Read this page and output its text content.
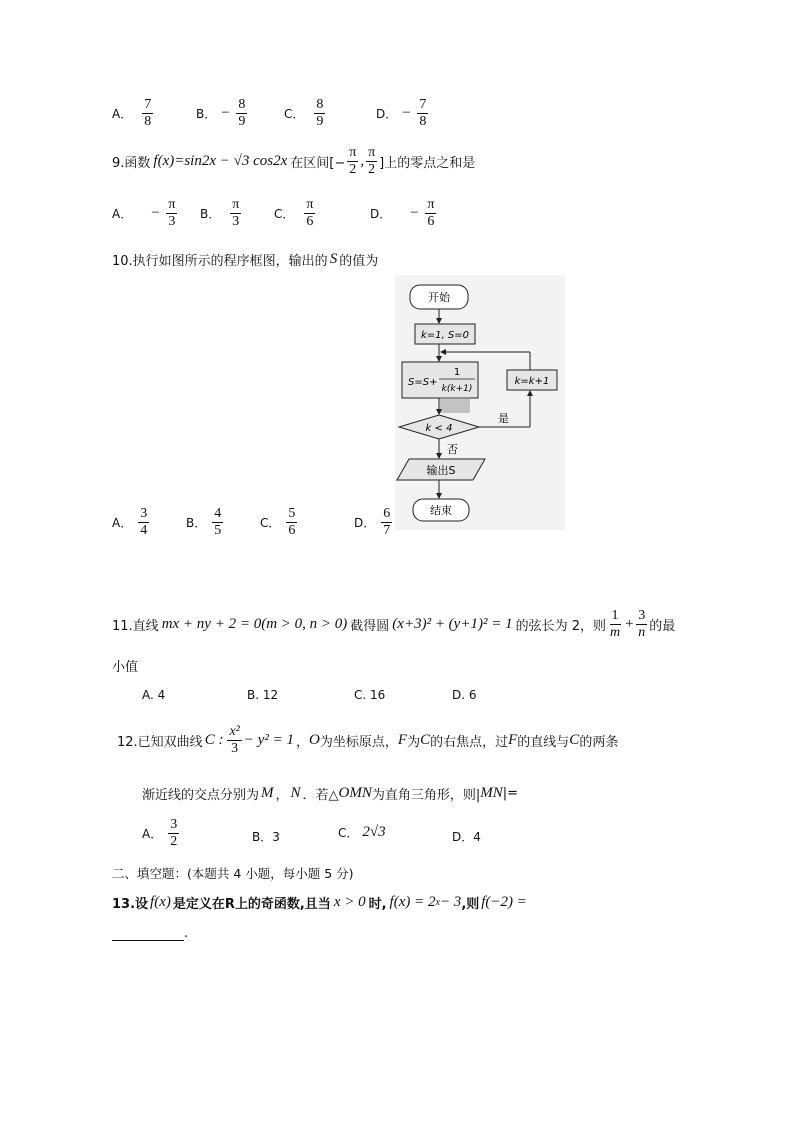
A． $\frac{7}{8}$	B． − $\frac{8}{9}$	C． $\frac{8}{9}$	D． − $\frac{7}{8}$
9.函数 f(x)=sin2x − √3 cos2x 在区间[− $\frac{\pi}{2}$ , $\frac{\pi}{2}$ ]上的零点之和是
A． − $\frac{\pi}{3}$ B． $\frac{\pi}{3}$	C． $\frac{\pi}{6}$	D． − $\frac{\pi}{6}$
10.执行如图所示的程序框图，输出的 S 的值为
开始
k=1, S=0
S=S+
1
k(k+1)
k < 4
是
k=k+1
否
输出S
结束
A． $\frac{3}{4}$	B． $\frac{4}{5}$	C． $\frac{5}{6}$	D． $\frac{6}{7}$
11.直线 mx + ny + 2 = 0(m > 0, n > 0) 截得圆 (x+3)² + (y+1)² = 1 的弦长为 2，则 $\frac{1}{m} + \frac{3}{n}$ 的最
小值
A. 4	B. 12	C. 16	D. 6
12.已知双曲线 C : $\frac{\text{x²}}{3} - y^2 = 1$ ， O 为坐标原点， F 为 C 的右焦点，过 F 的直线与 C 的两条
渐近线的交点分别为 M ， N ．若△ OMN 为直角三角形，则| MN |=
A． $\frac{3}{2}$	B．3	C． 2√3	D．4
二、填空题：(本题共 4 小题，每小题 5 分)
13.设 f(x) 是定义在R上的奇函数,且当 x > 0 时, f(x) = 2 x − 3 ,则 f(−2) =
.
